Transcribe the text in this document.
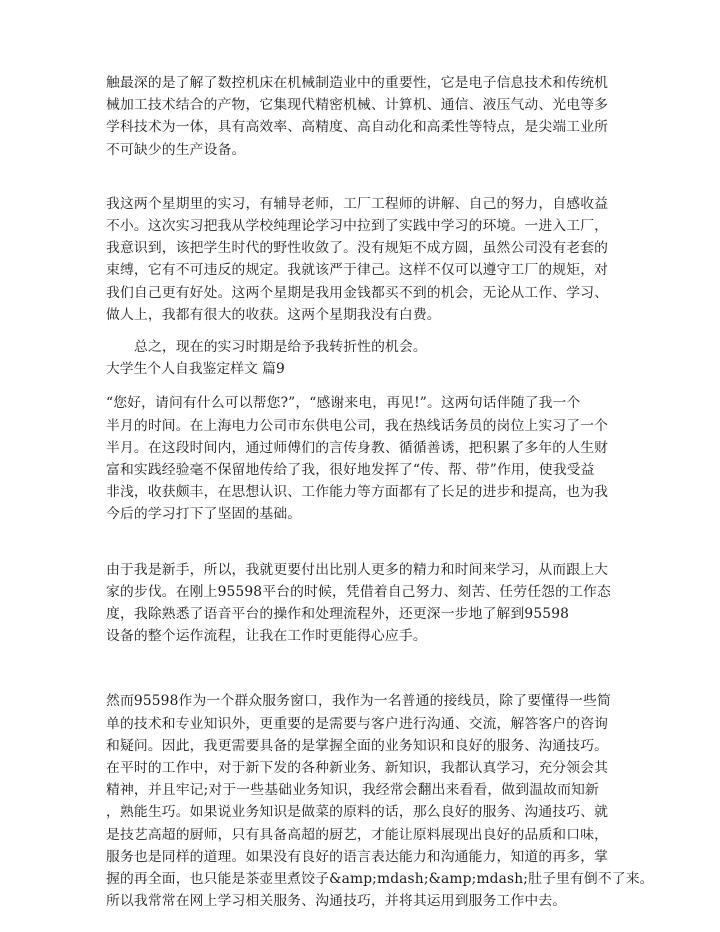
触最深的是了解了数控机床在机械制造业中的重要性，它是电子信息技术和传统机
械加工技术结合的产物，它集现代精密机械、计算机、通信、液压气动、光电等多
学科技术为一体，具有高效率、高精度、高自动化和高柔性等特点，是尖端工业所
不可缺少的生产设备。

我这两个星期里的实习，有辅导老师，工厂工程师的讲解、自己的努力，自感收益
不小。这次实习把我从学校纯理论学习中拉到了实践中学习的环境。一进入工厂，
我意识到，该把学生时代的野性收敛了。没有规矩不成方圆，虽然公司没有老套的
束缚，它有不可违反的规定。我就该严于律己。这样不仅可以遵守工厂的规矩，对
我们自己更有好处。这两个星期是我用金钱都买不到的机会，无论从工作、学习、
做人上，我都有很大的收获。这两个星期我没有白费。

总之，现在的实习时期是给予我转折性的机会。

大学生个人自我鉴定样文 篇9

“您好，请问有什么可以帮您?”，“感谢来电，再见!”。这两句话伴随了我一个
半月的时间。在上海电力公司市东供电公司，我在热线话务员的岗位上实习了一个
半月。在这段时间内，通过师傅们的言传身教、循循善诱，把积累了多年的人生财
富和实践经验毫不保留地传给了我，很好地发挥了“传、帮、带”作用，使我受益
非浅，收获颇丰，在思想认识、工作能力等方面都有了长足的进步和提高，也为我
今后的学习打下了坚固的基础。

由于我是新手，所以，我就更要付出比别人更多的精力和时间来学习，从而跟上大
家的步伐。在刚上95598平台的时候，凭借着自己努力、刻苦、任劳任怨的工作态
度，我除熟悉了语音平台的操作和处理流程外，还更深一步地了解到95598
设备的整个运作流程，让我在工作时更能得心应手。

然而95598作为一个群众服务窗口，我作为一名普通的接线员，除了要懂得一些简
单的技术和专业知识外，更重要的是需要与客户进行沟通、交流，解答客户的咨询
和疑问。因此，我更需要具备的是掌握全面的业务知识和良好的服务、沟通技巧。
在平时的工作中，对于新下发的各种新业务、新知识，我都认真学习，充分领会其
精神，并且牢记;对于一些基础业务知识，我经常会翻出来看看，做到温故而知新
，熟能生巧。如果说业务知识是做菜的原料的话，那么良好的服务、沟通技巧、就
是技艺高超的厨师，只有具备高超的厨艺，才能让原料展现出良好的品质和口味，
服务也是同样的道理。如果没有良好的语言表达能力和沟通能力，知道的再多，掌
握的再全面，也只能是茶壶里煮饺子&amp;mdash;&amp;mdash;肚子里有倒不了来。
所以我常常在网上学习相关服务、沟通技巧，并将其运用到服务工作中去。
